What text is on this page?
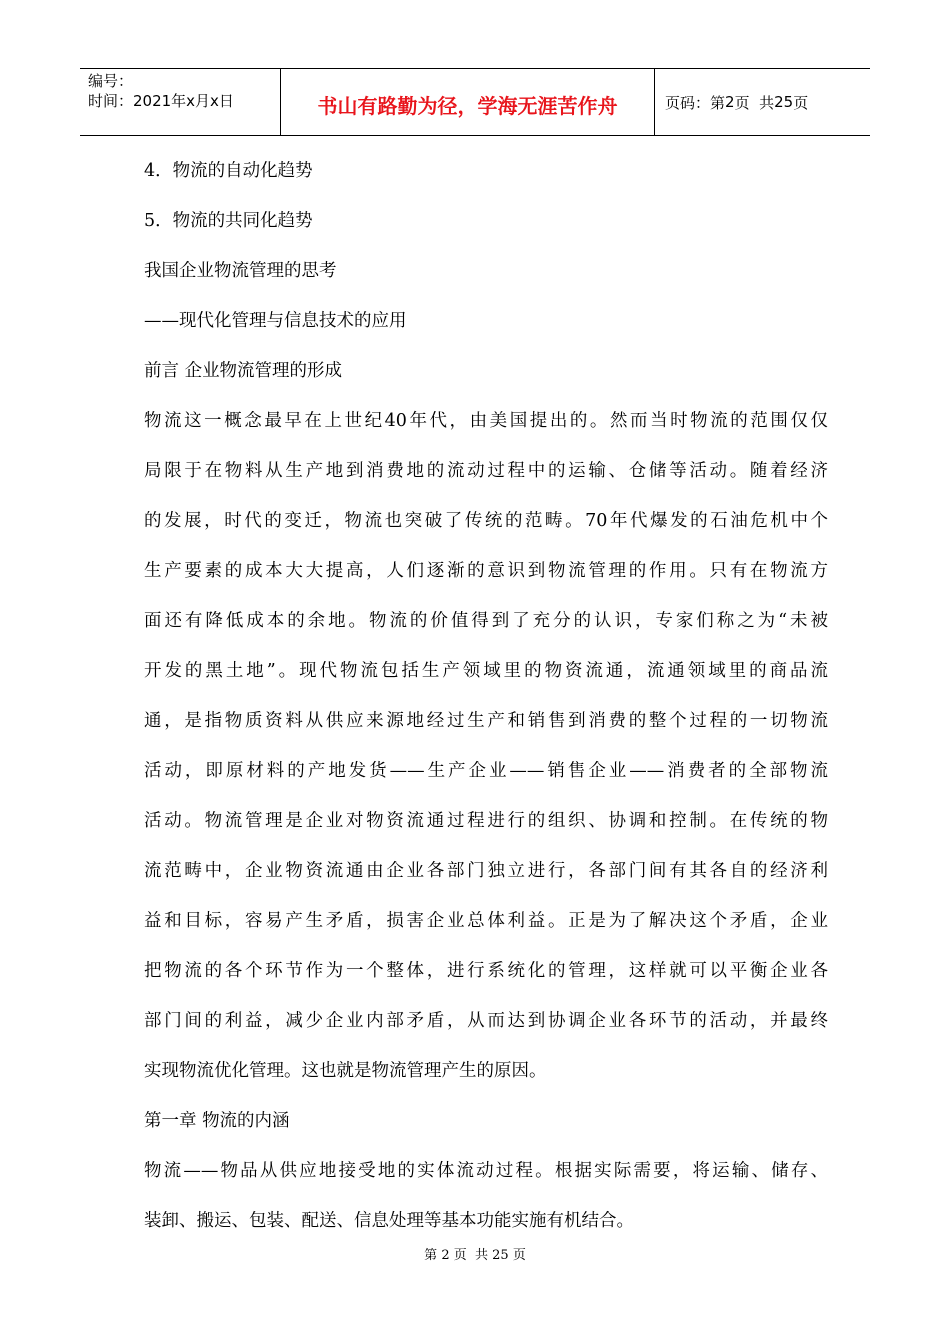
编号：
时间：2021年x月x日	书山有路勤为径，学海无涯苦作舟	页码：第 2 页  共 25 页
4．物流的自动化趋势
5．物流的共同化趋势
我国企业物流管理的思考
——现代化管理与信息技术的应用
前言 企业物流管理的形成
物流这一概念最早在上世纪40年代，由美国提出的。然而当时物流的范围仅仅
局限于在物料从生产地到消费地的流动过程中的运输、仓储等活动。随着经济
的发展，时代的变迁，物流也突破了传统的范畴。70年代爆发的石油危机中个
生产要素的成本大大提高，人们逐渐的意识到物流管理的作用。只有在物流方
面还有降低成本的余地。物流的价值得到了充分的认识，专家们称之为“未被
开发的黑土地”。现代物流包括生产领域里的物资流通，流通领域里的商品流
通，是指物质资料从供应来源地经过生产和销售到消费的整个过程的一切物流
活动，即原材料的产地发货——生产企业——销售企业——消费者的全部物流
活动。物流管理是企业对物资流通过程进行的组织、协调和控制。在传统的物
流范畴中，企业物资流通由企业各部门独立进行，各部门间有其各自的经济利
益和目标，容易产生矛盾，损害企业总体利益。正是为了解决这个矛盾，企业
把物流的各个环节作为一个整体，进行系统化的管理，这样就可以平衡企业各
部门间的利益，减少企业内部矛盾，从而达到协调企业各环节的活动，并最终
实现物流优化管理。这也就是物流管理产生的原因。
第一章 物流的内涵
物流——物品从供应地接受地的实体流动过程。根据实际需要，将运输、储存、
装卸、搬运、包装、配送、信息处理等基本功能实施有机结合。
第 2 页  共 25 页
